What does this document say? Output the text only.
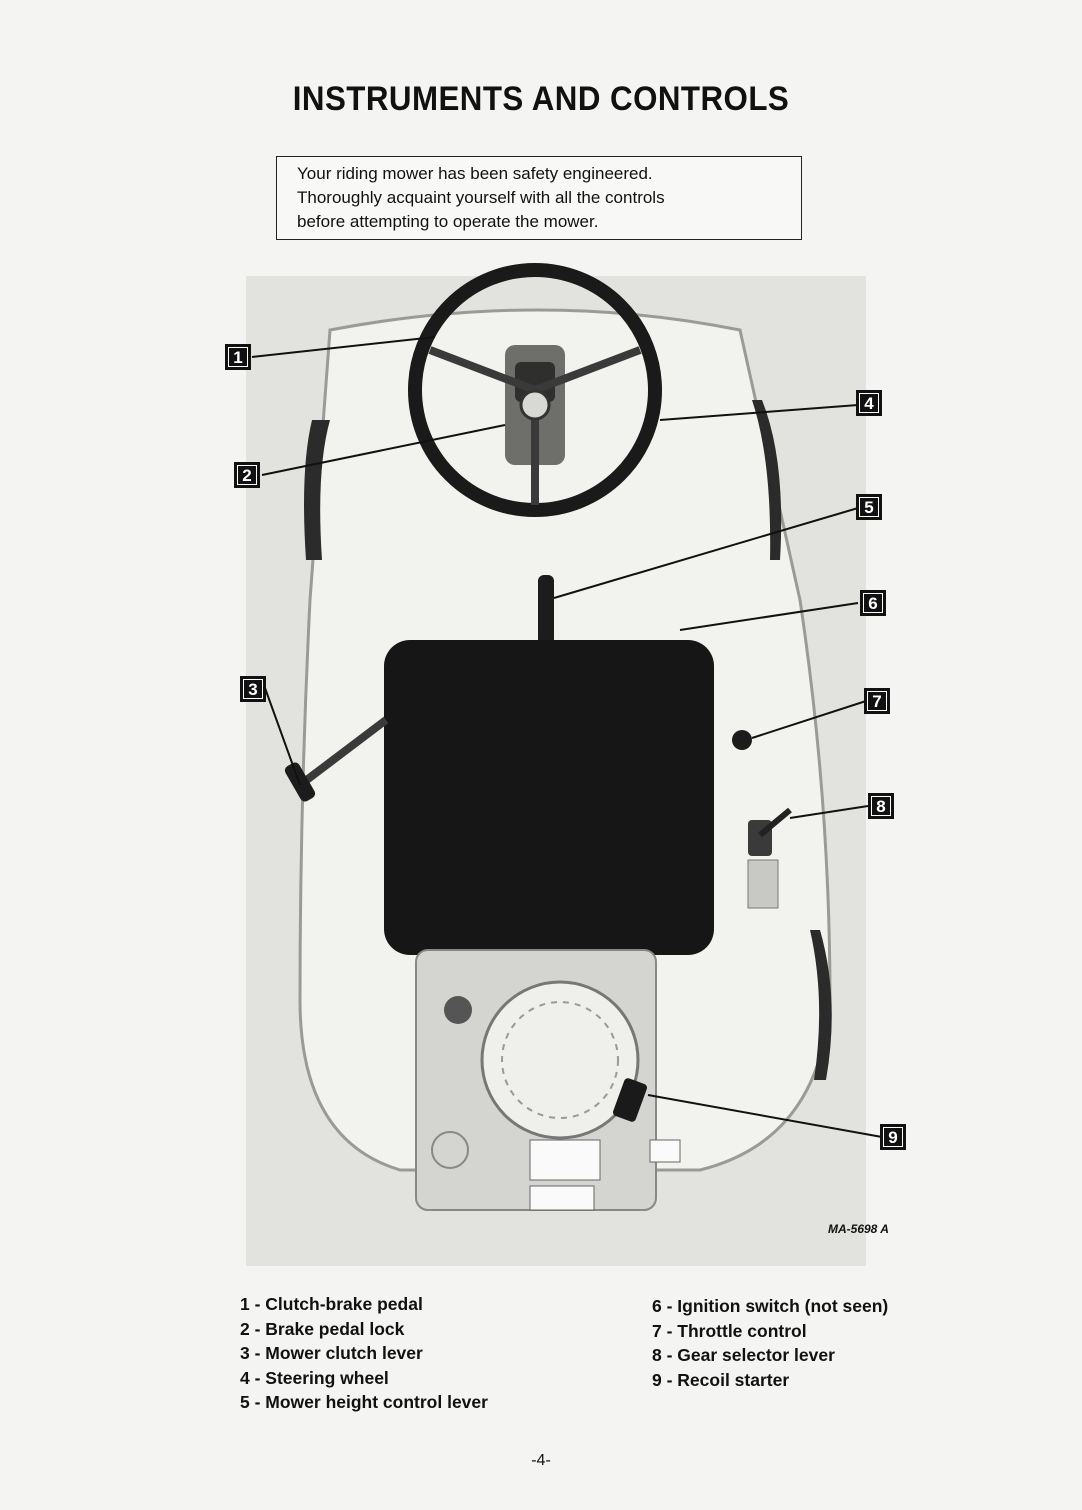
INSTRUMENTS AND CONTROLS

Your riding mower has been safety engineered.

Thoroughly acquaint yourself with all the controls

before attempting to operate the mower.

1
2
3
4
5
6
7
8
9
MA-5698 A
1 - Clutch-brake pedal
2 - Brake pedal lock
3 - Mower clutch lever
4 - Steering wheel
5 - Mower height control lever
6 - Ignition switch (not seen)
7 - Throttle control
8 - Gear selector lever
9 - Recoil starter
-4-
